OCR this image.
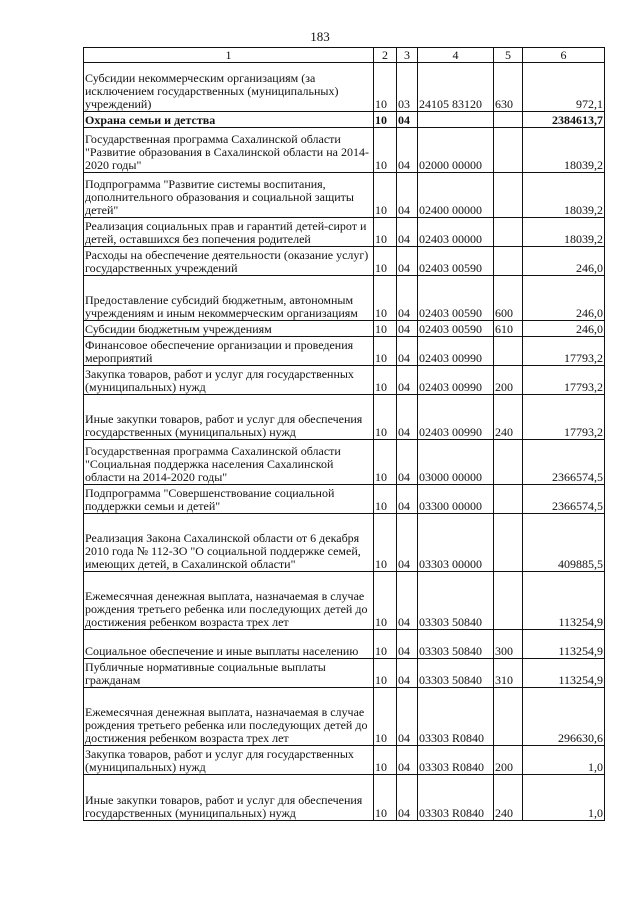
183
1	2	3	4	5	6
Субсидии некоммерческим организациям (за исключением государственных (муниципальных) учреждений)	10	03	24105 83120	630	972,1
Охрана семьи и детства	10	04			2384613,7
Государственная программа Сахалинской области "Развитие образования в Сахалинской области на 2014-2020 годы"	10	04	02000 00000		18039,2
Подпрограмма "Развитие системы воспитания, дополнительного образования и социальной защиты детей"	10	04	02400 00000		18039,2
Реализация социальных прав и гарантий детей-сирот и детей, оставшихся без попечения родителей	10	04	02403 00000		18039,2
Расходы на обеспечение деятельности (оказание услуг) государственных учреждений	10	04	02403 00590		246,0
Предоставление субсидий бюджетным, автономным учреждениям и иным некоммерческим организациям	10	04	02403 00590	600	246,0
Субсидии бюджетным учреждениям	10	04	02403 00590	610	246,0
Финансовое обеспечение организации и проведения мероприятий	10	04	02403 00990		17793,2
Закупка товаров, работ и услуг для государственных (муниципальных) нужд	10	04	02403 00990	200	17793,2
Иные закупки товаров, работ и услуг для обеспечения государственных (муниципальных) нужд	10	04	02403 00990	240	17793,2
Государственная программа Сахалинской области "Социальная поддержка населения Сахалинской области на 2014-2020 годы"	10	04	03000 00000		2366574,5
Подпрограмма "Совершенствование социальной поддержки семьи и детей"	10	04	03300 00000		2366574,5
Реализация Закона Сахалинской области от 6 декабря 2010 года № 112-ЗО "О социальной поддержке семей, имеющих детей, в Сахалинской области"	10	04	03303 00000		409885,5
Ежемесячная денежная выплата, назначаемая в случае рождения третьего ребенка или последующих детей до достижения ребенком возраста трех лет	10	04	03303 50840		113254,9
Социальное обеспечение и иные выплаты населению	10	04	03303 50840	300	113254,9
Публичные нормативные социальные выплаты гражданам	10	04	03303 50840	310	113254,9
Ежемесячная денежная выплата, назначаемая в случае рождения третьего ребенка или последующих детей до достижения ребенком возраста трех лет	10	04	03303 R0840		296630,6
Закупка товаров, работ и услуг для государственных (муниципальных) нужд	10	04	03303 R0840	200	1,0
Иные закупки товаров, работ и услуг для обеспечения государственных (муниципальных) нужд	10	04	03303 R0840	240	1,0
